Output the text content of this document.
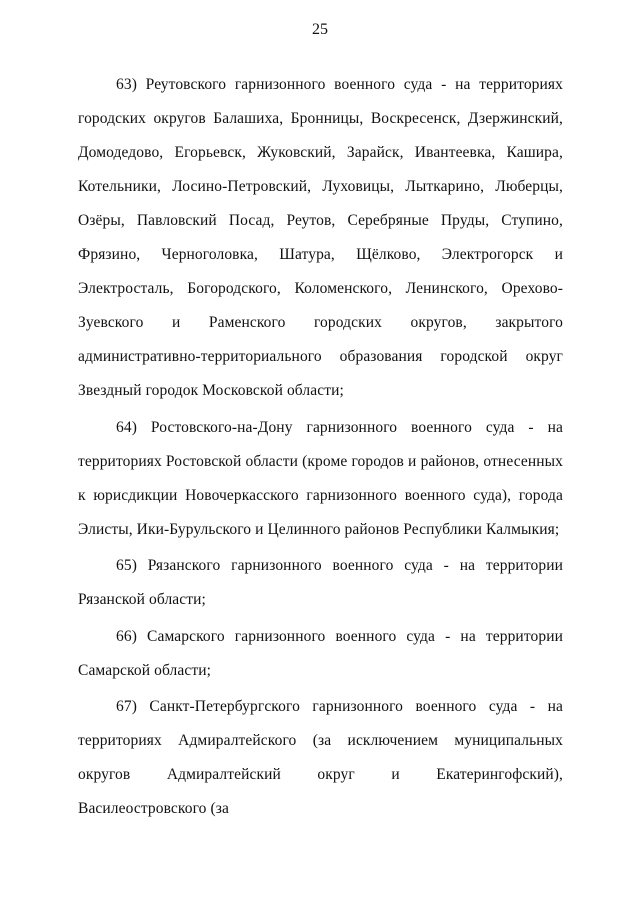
25

63) Реутовского гарнизонного военного суда - на территориях городских округов Балашиха, Бронницы, Воскресенск, Дзержинский, Домодедово, Егорьевск, Жуковский, Зарайск, Ивантеевка, Кашира, Котельники, Лосино-Петровский, Луховицы, Лыткарино, Люберцы, Озёры, Павловский Посад, Реутов, Серебряные Пруды, Ступино, Фрязино, Черноголовка, Шатура, Щёлково, Электрогорск и Электросталь, Богородского, Коломенского, Ленинского, Орехово-Зуевского и Раменского городских округов, закрытого административно-территориального образования городской округ Звездный городок Московской области;

64) Ростовского-на-Дону гарнизонного военного суда - на территориях Ростовской области (кроме городов и районов, отнесенных к юрисдикции Новочеркасского гарнизонного военного суда), города Элисты, Ики-Бурульского и Целинного районов Республики Калмыкия;

65) Рязанского гарнизонного военного суда - на территории Рязанской области;

66) Самарского гарнизонного военного суда - на территории Самарской области;

67) Санкт-Петербургского гарнизонного военного суда - на территориях Адмиралтейского (за исключением муниципальных округов Адмиралтейский округ и Екатерингофский), Василеостровского (за
